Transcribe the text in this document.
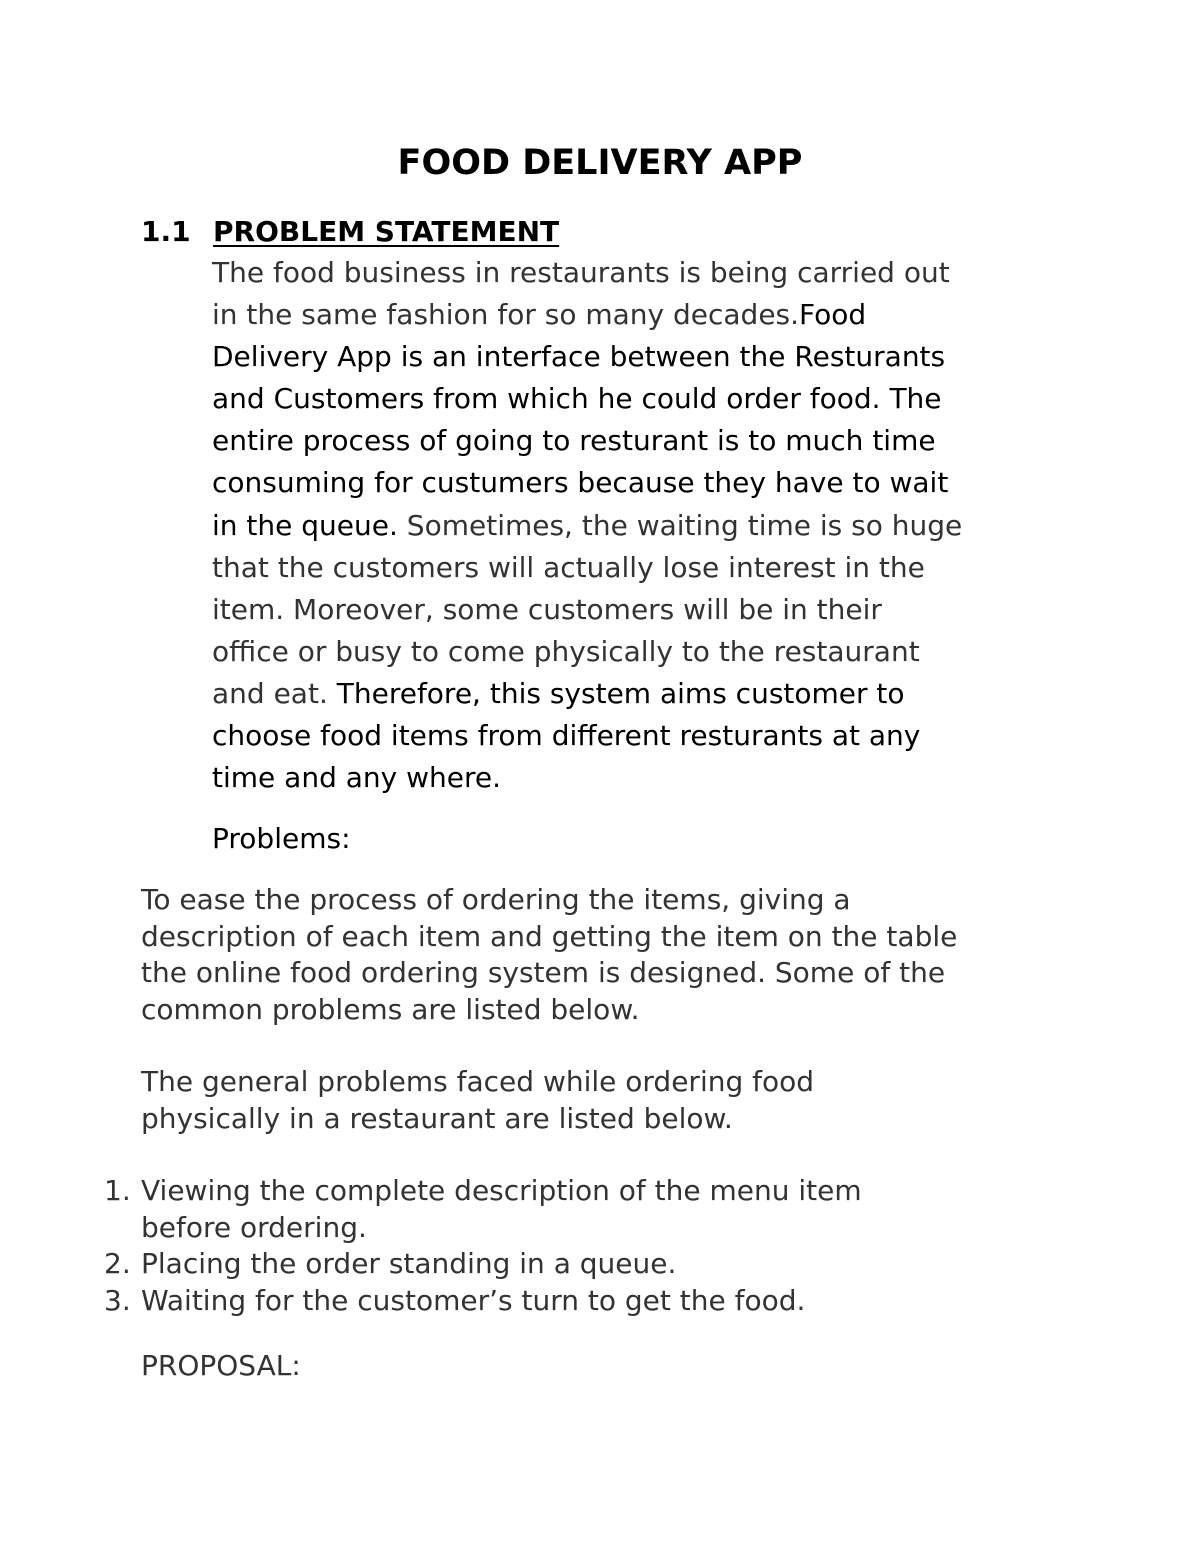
FOOD DELIVERY APP
1.1 PROBLEM STATEMENT

The food business in restaurants is being carried out
in the same fashion for so many decades.Food
Delivery App is an interface between the Resturants
and Customers from which he could order food. The
entire process of going to resturant is to much time
consuming for custumers because they have to wait
in the queue. Sometimes, the waiting time is so huge
that the customers will actually lose interest in the
item. Moreover, some customers will be in their
office or busy to come physically to the restaurant
and eat. Therefore, this system aims customer to
choose food items from different resturants at any
time and any where.

Problems:

To ease the process of ordering the items, giving a
description of each item and getting the item on the table
the online food ordering system is designed. Some of the
common problems are listed below.

The general problems faced while ordering food
physically in a restaurant are listed below.

1. Viewing the complete description of the menu item
before ordering.
2. Placing the order standing in a queue.
3. Waiting for the customer’s turn to get the food.

PROPOSAL:
